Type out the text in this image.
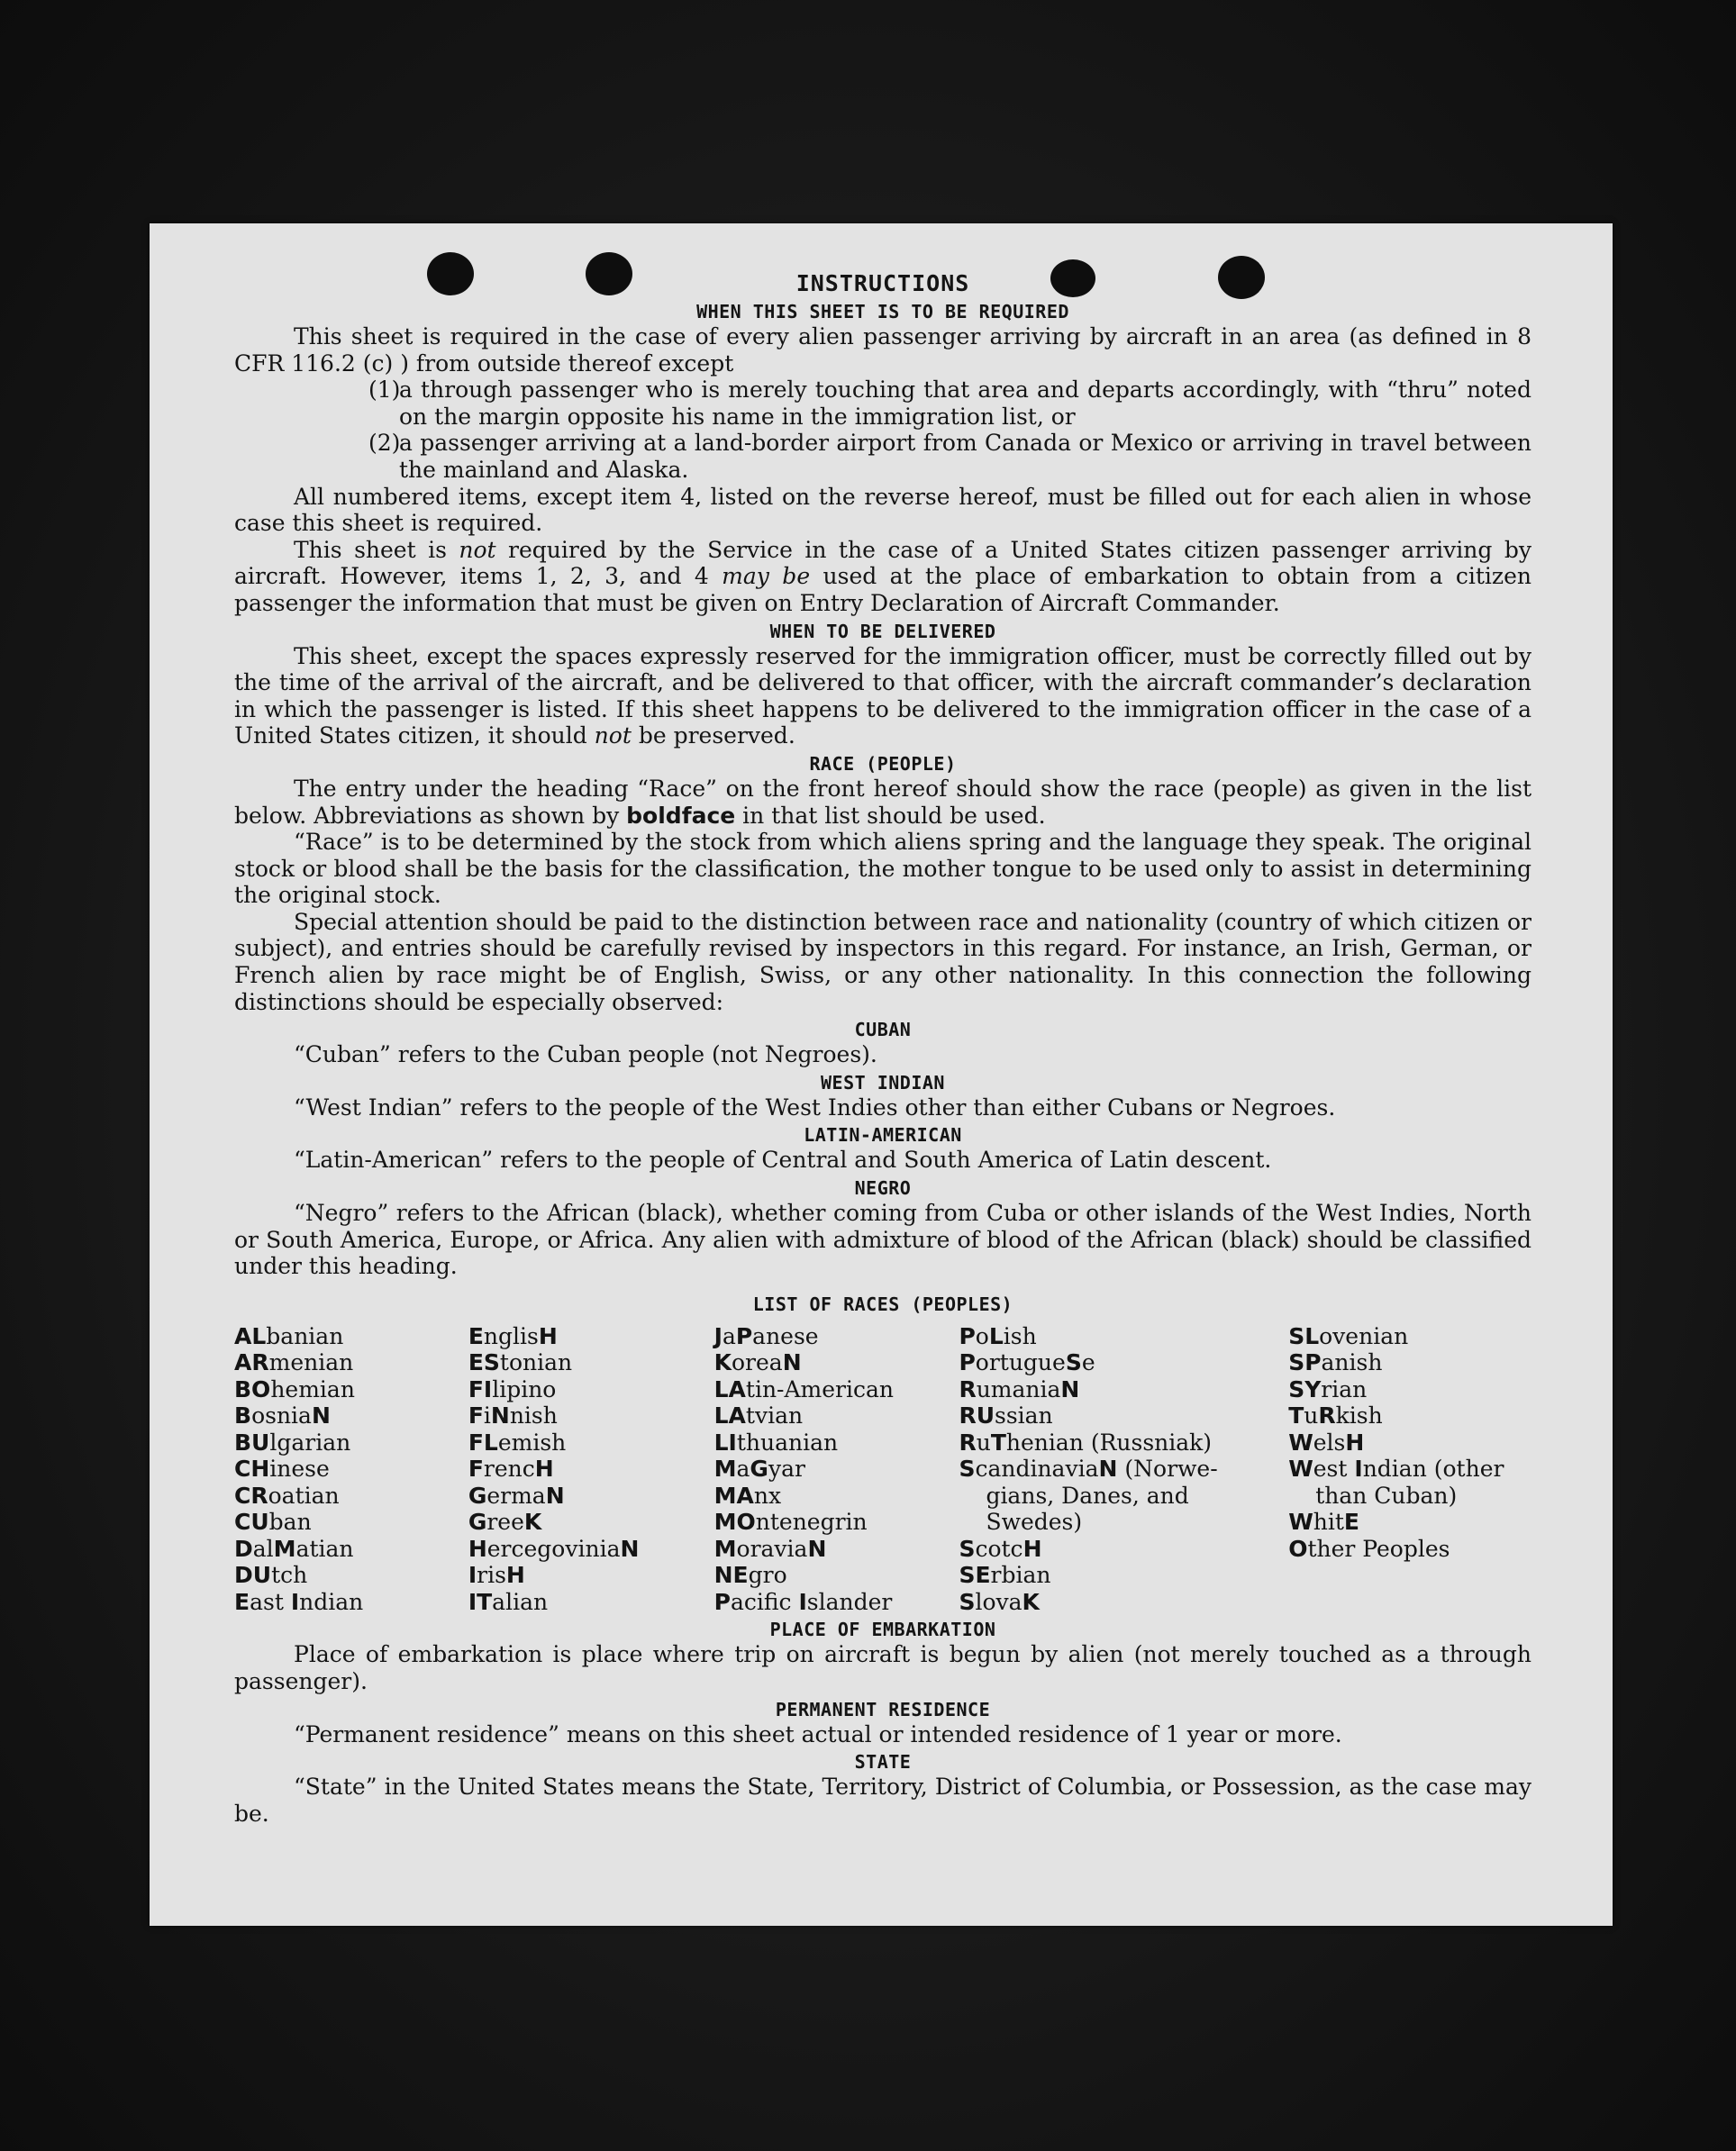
INSTRUCTIONS
WHEN THIS SHEET IS TO BE REQUIRED

This sheet is required in the case of every alien passenger arriving by aircraft in an area (as defined in 8 CFR 116.2 (c) ) from outside thereof except

(1)a through passenger who is merely touching that area and departs accordingly, with “thru” noted on the margin opposite his name in the immigration list, or

(2)a passenger arriving at a land-border airport from Canada or Mexico or arriving in travel between the mainland and Alaska.

All numbered items, except item 4, listed on the reverse hereof, must be filled out for each alien in whose case this sheet is required.

This sheet is not required by the Service in the case of a United States citizen passenger arriving by aircraft. However, items 1, 2, 3, and 4 may be used at the place of embarkation to obtain from a citizen passenger the information that must be given on Entry Declaration of Aircraft Commander.

WHEN TO BE DELIVERED

This sheet, except the spaces expressly reserved for the immigration officer, must be correctly filled out by the time of the arrival of the aircraft, and be delivered to that officer, with the aircraft commander’s declaration in which the passenger is listed. If this sheet happens to be delivered to the immigration officer in the case of a United States citizen, it should not be preserved.

RACE (PEOPLE)

The entry under the heading “Race” on the front hereof should show the race (people) as given in the list below. Abbreviations as shown by boldface in that list should be used.

“Race” is to be determined by the stock from which aliens spring and the language they speak. The original stock or blood shall be the basis for the classification, the mother tongue to be used only to assist in determining the original stock.

Special attention should be paid to the distinction between race and nationality (country of which citizen or subject), and entries should be carefully revised by inspectors in this regard. For instance, an Irish, German, or French alien by race might be of English, Swiss, or any other nationality. In this connection the following distinctions should be especially observed:

CUBAN

“Cuban” refers to the Cuban people (not Negroes).

WEST INDIAN

“West Indian” refers to the people of the West Indies other than either Cubans or Negroes.

LATIN-AMERICAN

“Latin-American” refers to the people of Central and South America of Latin descent.

NEGRO

“Negro” refers to the African (black), whether coming from Cuba or other islands of the West Indies, North or South America, Europe, or Africa. Any alien with admixture of blood of the African (black) should be classified under this heading.

LIST OF RACES (PEOPLES)
ALbanian
ARmenian
BOhemian
BosniaN
BUlgarian
CHinese
CRoatian
CUban
DalMatian
DUtch
East Indian
EnglisH
EStonian
FIlipino
FiNnish
FLemish
FrencH
GermaN
GreeK
HercegoviniaN
IrisH
ITalian
JaPanese
KoreaN
LAtin-American
LAtvian
LIthuanian
MaGyar
MAnx
MOntenegrin
MoraviaN
NEgro
Pacific Islander
PoLish
PortugueSe
RumaniaN
RUssian
RuThenian (Russniak)
ScandinaviaN (Norwe-
gians, Danes, and
Swedes)
ScotcH
SErbian
SlovaK
SLovenian
SPanish
SYrian
TuRkish
WelsH
West Indian (other
than Cuban)
WhitE
Other Peoples
PLACE OF EMBARKATION

Place of embarkation is place where trip on aircraft is begun by alien (not merely touched as a through passenger).

PERMANENT RESIDENCE

“Permanent residence” means on this sheet actual or intended residence of 1 year or more.

STATE

“State” in the United States means the State, Territory, District of Columbia, or Possession, as the case may be.
